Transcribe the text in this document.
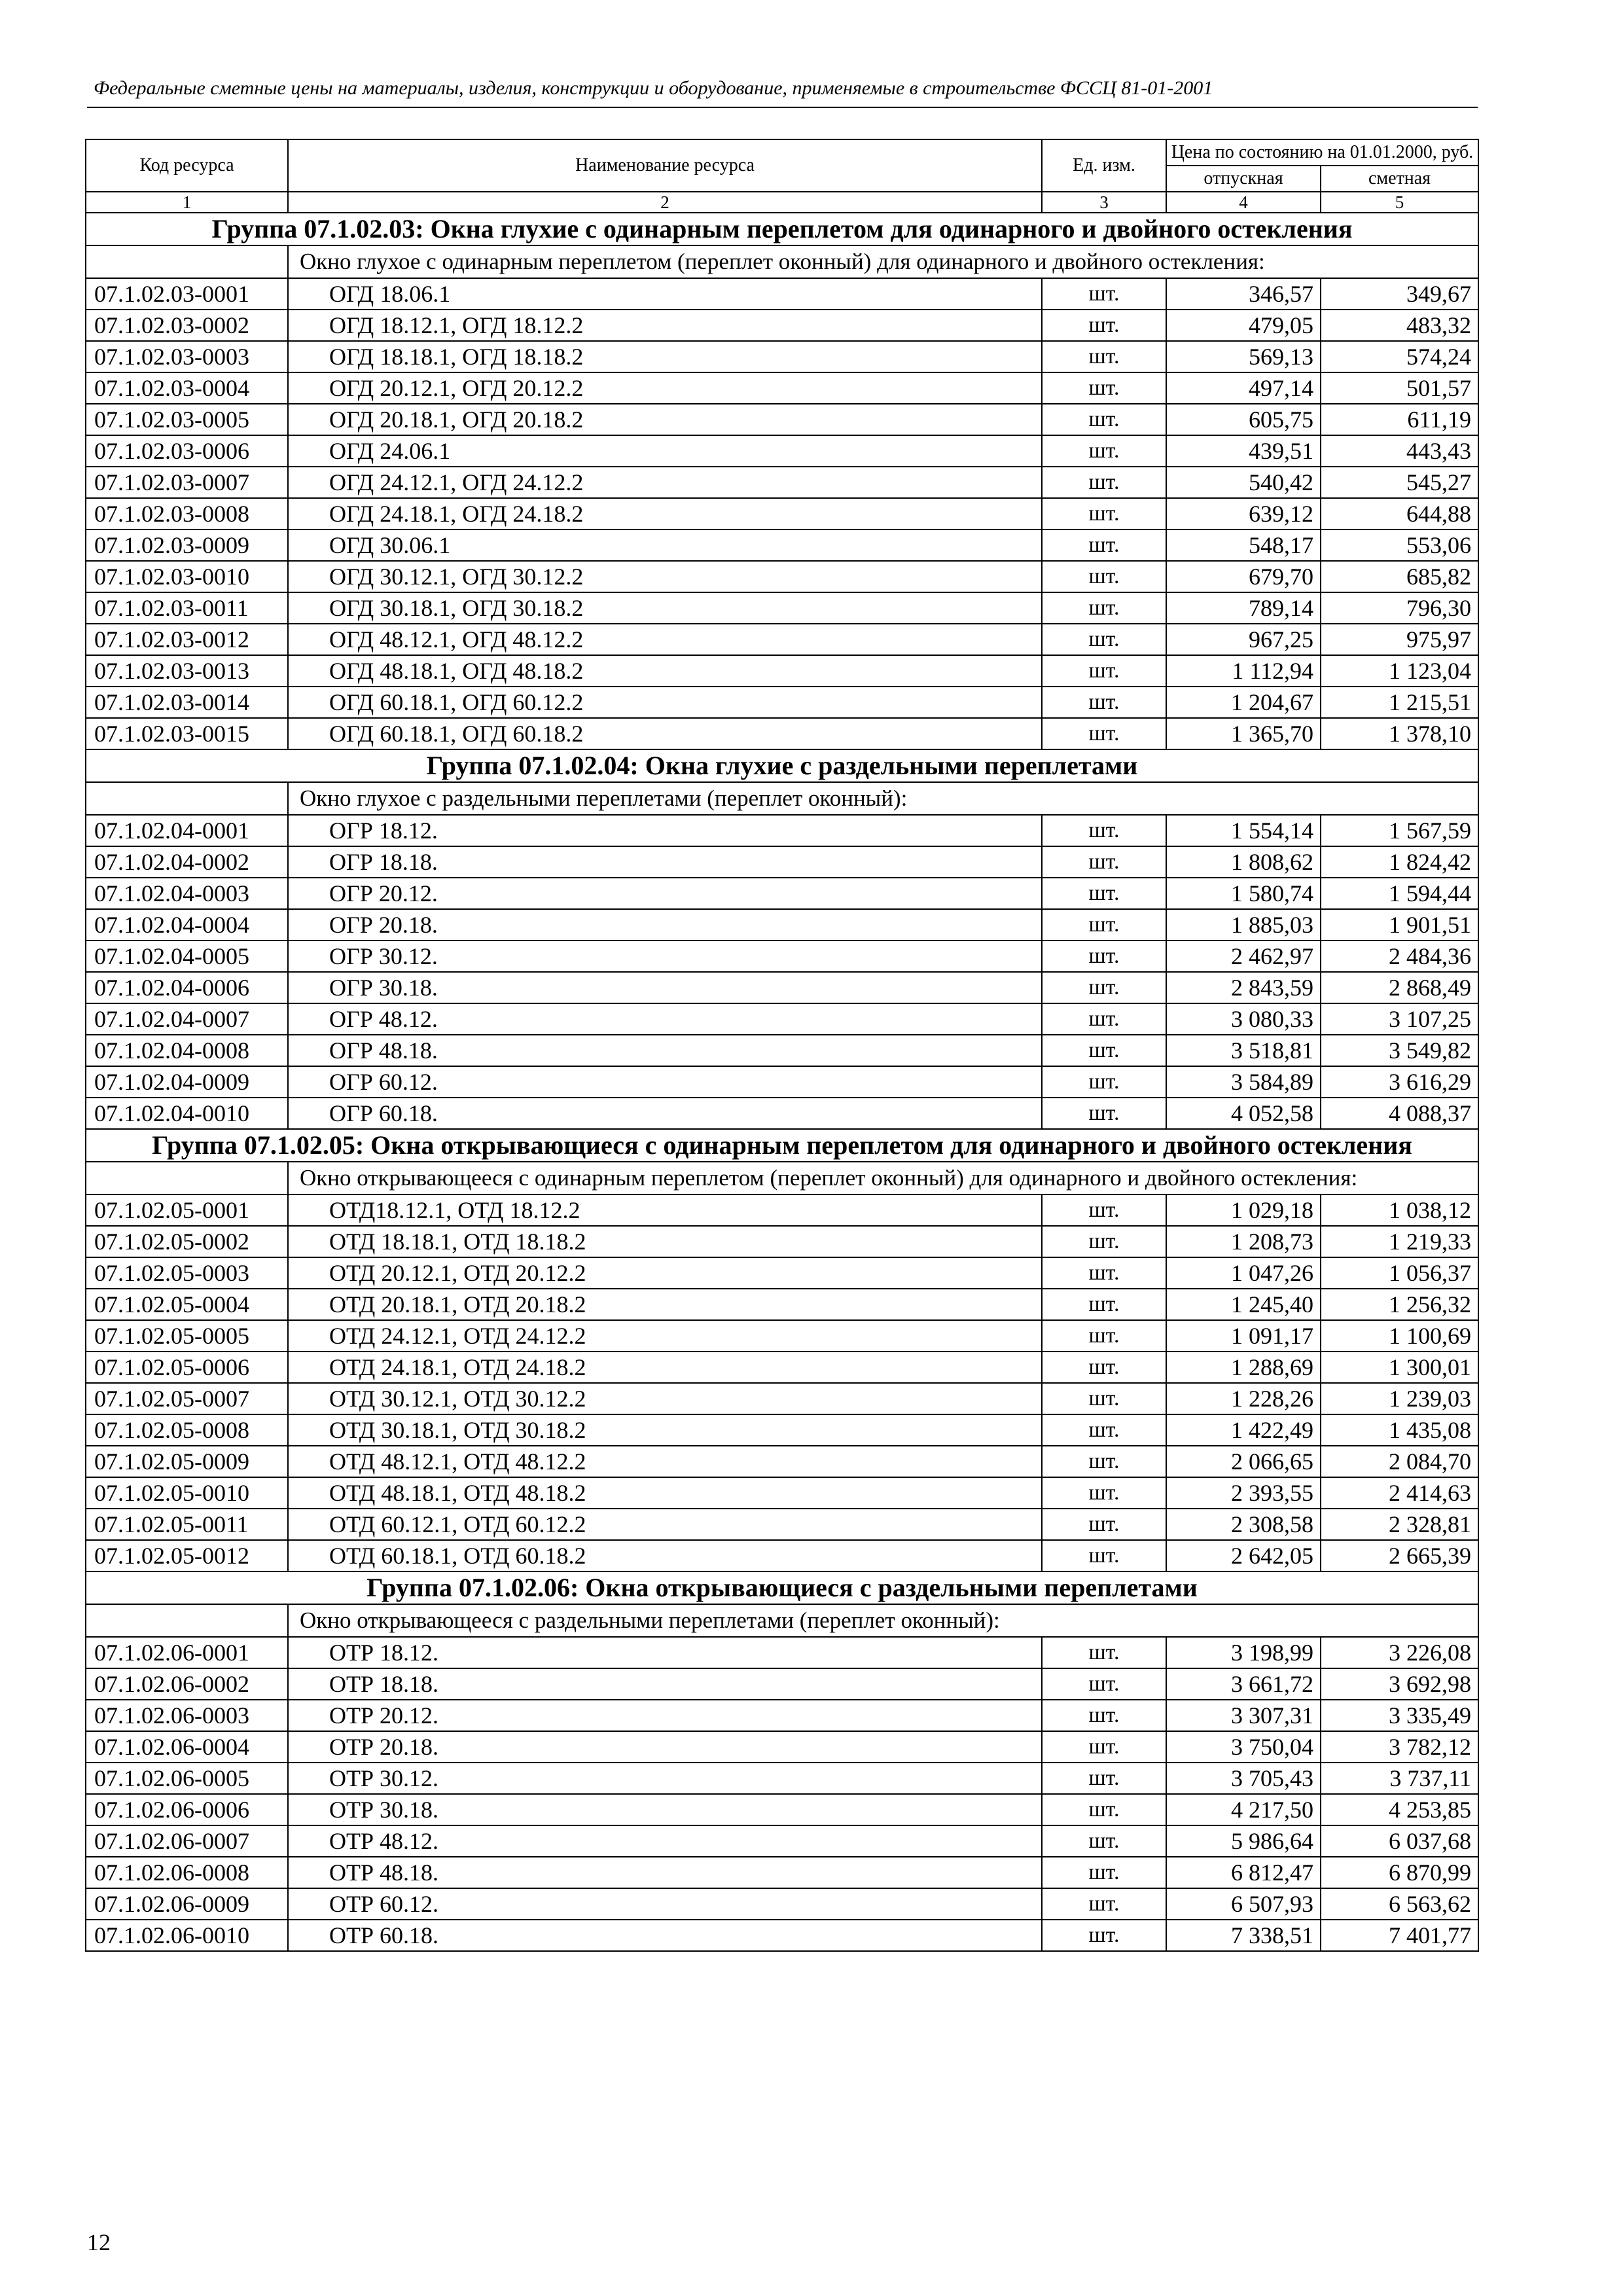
Федеральные сметные цены на материалы, изделия, конструкции и оборудование, применяемые в строительстве ФССЦ 81-01-2001
Код ресурса	Наименование ресурса	Ед. изм.	Цена по состоянию на 01.01.2000, руб.	
			отпускная	сметная
1	2	3	4	5
Группа 07.1.02.03: Окна глухие с одинарным переплетом для одинарного и двойного остекления				
	Окно глухое с одинарным переплетом (переплет оконный) для одинарного и двойного остекления:			
07.1.02.03-0001	ОГД 18.06.1	шт.	346,57	349,67
07.1.02.03-0002	ОГД 18.12.1, ОГД 18.12.2	шт.	479,05	483,32
07.1.02.03-0003	ОГД 18.18.1, ОГД 18.18.2	шт.	569,13	574,24
07.1.02.03-0004	ОГД 20.12.1, ОГД 20.12.2	шт.	497,14	501,57
07.1.02.03-0005	ОГД 20.18.1, ОГД 20.18.2	шт.	605,75	611,19
07.1.02.03-0006	ОГД 24.06.1	шт.	439,51	443,43
07.1.02.03-0007	ОГД 24.12.1, ОГД 24.12.2	шт.	540,42	545,27
07.1.02.03-0008	ОГД 24.18.1, ОГД 24.18.2	шт.	639,12	644,88
07.1.02.03-0009	ОГД 30.06.1	шт.	548,17	553,06
07.1.02.03-0010	ОГД 30.12.1, ОГД 30.12.2	шт.	679,70	685,82
07.1.02.03-0011	ОГД 30.18.1, ОГД 30.18.2	шт.	789,14	796,30
07.1.02.03-0012	ОГД 48.12.1, ОГД 48.12.2	шт.	967,25	975,97
07.1.02.03-0013	ОГД 48.18.1, ОГД 48.18.2	шт.	1 112,94	1 123,04
07.1.02.03-0014	ОГД 60.18.1, ОГД 60.12.2	шт.	1 204,67	1 215,51
07.1.02.03-0015	ОГД 60.18.1, ОГД 60.18.2	шт.	1 365,70	1 378,10
Группа 07.1.02.04: Окна глухие с раздельными переплетами				
	Окно глухое с раздельными переплетами (переплет оконный):			
07.1.02.04-0001	ОГР 18.12.	шт.	1 554,14	1 567,59
07.1.02.04-0002	ОГР 18.18.	шт.	1 808,62	1 824,42
07.1.02.04-0003	ОГР 20.12.	шт.	1 580,74	1 594,44
07.1.02.04-0004	ОГР 20.18.	шт.	1 885,03	1 901,51
07.1.02.04-0005	ОГР 30.12.	шт.	2 462,97	2 484,36
07.1.02.04-0006	ОГР 30.18.	шт.	2 843,59	2 868,49
07.1.02.04-0007	ОГР 48.12.	шт.	3 080,33	3 107,25
07.1.02.04-0008	ОГР 48.18.	шт.	3 518,81	3 549,82
07.1.02.04-0009	ОГР 60.12.	шт.	3 584,89	3 616,29
07.1.02.04-0010	ОГР 60.18.	шт.	4 052,58	4 088,37
Группа 07.1.02.05: Окна открывающиеся с одинарным переплетом для одинарного и двойного остекления				
	Окно открывающееся с одинарным переплетом (переплет оконный) для одинарного и двойного остекления:			
07.1.02.05-0001	ОТД18.12.1, ОТД 18.12.2	шт.	1 029,18	1 038,12
07.1.02.05-0002	ОТД 18.18.1, ОТД 18.18.2	шт.	1 208,73	1 219,33
07.1.02.05-0003	ОТД 20.12.1, ОТД 20.12.2	шт.	1 047,26	1 056,37
07.1.02.05-0004	ОТД 20.18.1, ОТД 20.18.2	шт.	1 245,40	1 256,32
07.1.02.05-0005	ОТД 24.12.1, ОТД 24.12.2	шт.	1 091,17	1 100,69
07.1.02.05-0006	ОТД 24.18.1, ОТД 24.18.2	шт.	1 288,69	1 300,01
07.1.02.05-0007	ОТД 30.12.1, ОТД 30.12.2	шт.	1 228,26	1 239,03
07.1.02.05-0008	ОТД 30.18.1, ОТД 30.18.2	шт.	1 422,49	1 435,08
07.1.02.05-0009	ОТД 48.12.1, ОТД 48.12.2	шт.	2 066,65	2 084,70
07.1.02.05-0010	ОТД 48.18.1, ОТД 48.18.2	шт.	2 393,55	2 414,63
07.1.02.05-0011	ОТД 60.12.1, ОТД 60.12.2	шт.	2 308,58	2 328,81
07.1.02.05-0012	ОТД 60.18.1, ОТД 60.18.2	шт.	2 642,05	2 665,39
Группа 07.1.02.06: Окна открывающиеся с раздельными переплетами				
	Окно открывающееся с раздельными переплетами (переплет оконный):			
07.1.02.06-0001	ОТР 18.12.	шт.	3 198,99	3 226,08
07.1.02.06-0002	ОТР 18.18.	шт.	3 661,72	3 692,98
07.1.02.06-0003	ОТР 20.12.	шт.	3 307,31	3 335,49
07.1.02.06-0004	ОТР 20.18.	шт.	3 750,04	3 782,12
07.1.02.06-0005	ОТР 30.12.	шт.	3 705,43	3 737,11
07.1.02.06-0006	ОТР 30.18.	шт.	4 217,50	4 253,85
07.1.02.06-0007	ОТР 48.12.	шт.	5 986,64	6 037,68
07.1.02.06-0008	ОТР 48.18.	шт.	6 812,47	6 870,99
07.1.02.06-0009	ОТР 60.12.	шт.	6 507,93	6 563,62
07.1.02.06-0010	ОТР 60.18.	шт.	7 338,51	7 401,77
12
